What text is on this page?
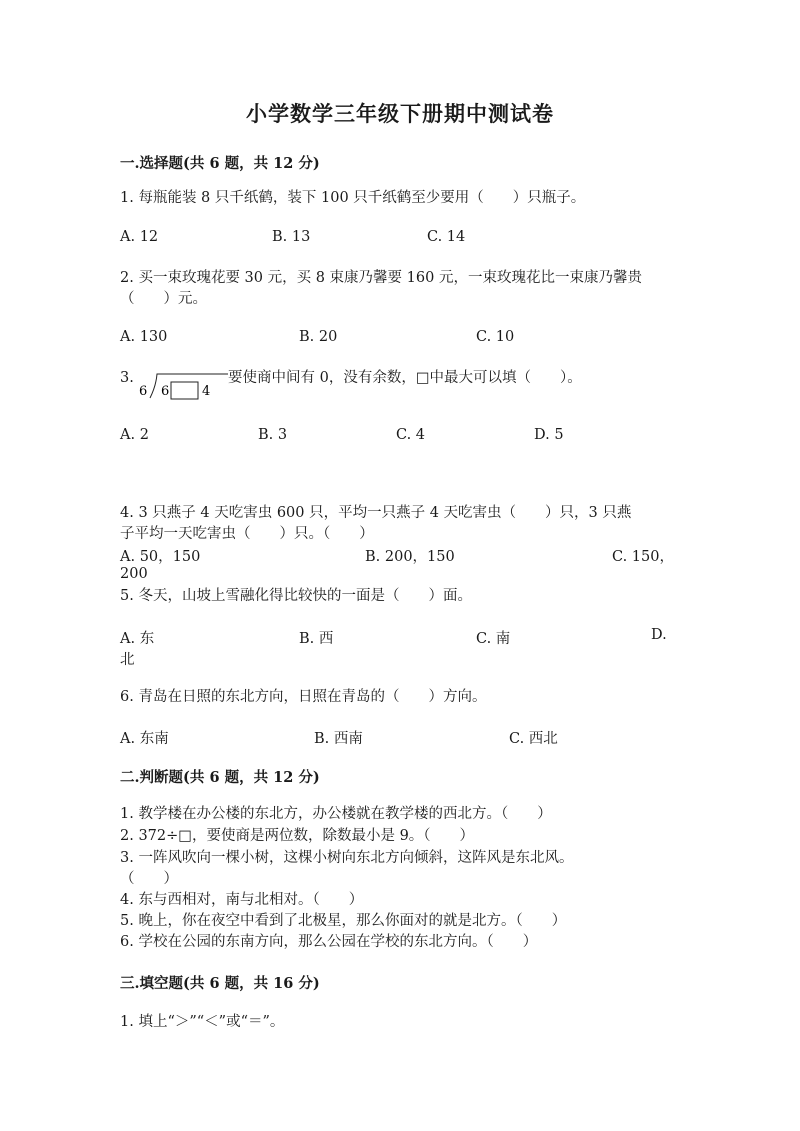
小学数学三年级下册期中测试卷
一.选择题(共 6 题，共 12 分)
1. 每瓶能装 8 只千纸鹤，装下 100 只千纸鹤至少要用（　　）只瓶子。
A. 12	B. 13	C. 14
2. 买一束玫瑰花要 30 元，买 8 束康乃馨要 160 元，一束玫瑰花比一束康乃馨贵
（　　）元。
A. 130	B. 20	C. 10
3.
6 6	4
要使商中间有 0，没有余数，□中最大可以填（　　）。
A. 2	B. 3	C. 4	D. 5
4. 3 只燕子 4 天吃害虫 600 只，平均一只燕子 4 天吃害虫（　　）只，3 只燕
子平均一天吃害虫（　　）只。（　　）
A. 50，150	B. 200，150	C. 150，
200
5. 冬天，山坡上雪融化得比较快的一面是（　　）面。
A. 东	B. 西	C. 南	D.
北
6. 青岛在日照的东北方向，日照在青岛的（　　）方向。
A. 东南	B. 西南	C. 西北
二.判断题(共 6 题，共 12 分)
1. 教学楼在办公楼的东北方，办公楼就在教学楼的西北方。（　　）
2. 372÷□，要使商是两位数，除数最小是 9。（　　）
3. 一阵风吹向一棵小树，这棵小树向东北方向倾斜，这阵风是东北风。
（　　）
4. 东与西相对，南与北相对。（　　）
5. 晚上，你在夜空中看到了北极星，那么你面对的就是北方。（　　）
6. 学校在公园的东南方向，那么公园在学校的东北方向。（　　）
三.填空题(共 6 题，共 16 分)
1. 填上“＞”“＜”或“＝”。
